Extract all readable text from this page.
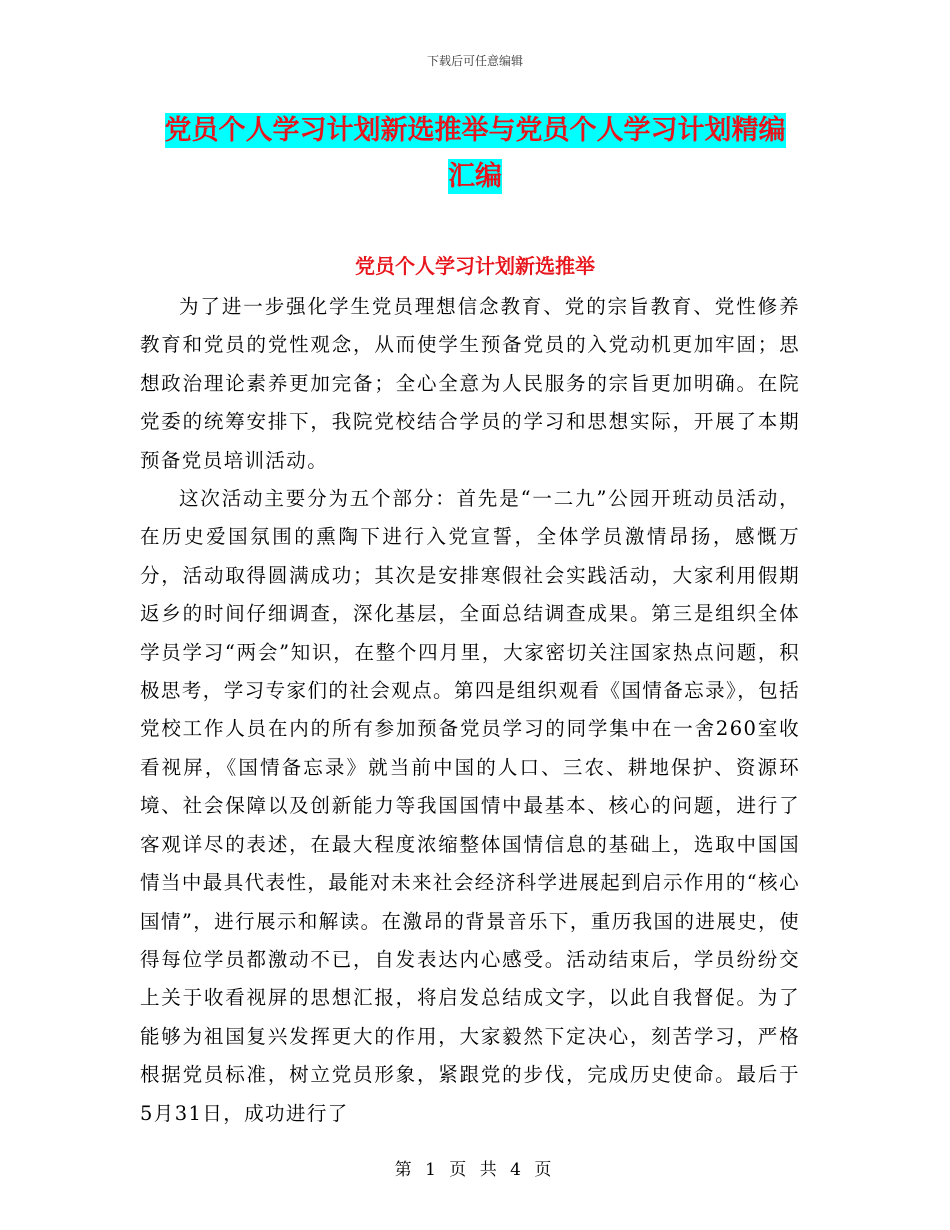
下载后可任意编辑
党员个人学习计划新选推举与党员个人学习计划精编
汇编
党员个人学习计划新选推举

为了进一步强化学生党员理想信念教育、党的宗旨教育、党性修养教育和党员的党性观念，从而使学生预备党员的入党动机更加牢固；思想政治理论素养更加完备；全心全意为人民服务的宗旨更加明确。在院党委的统筹安排下，我院党校结合学员的学习和思想实际，开展了本期预备党员培训活动。

这次活动主要分为五个部分：首先是“一二九”公园开班动员活动，在历史爱国氛围的熏陶下进行入党宣誓，全体学员激情昂扬，感慨万分，活动取得圆满成功；其次是安排寒假社会实践活动，大家利用假期返乡的时间仔细调查，深化基层，全面总结调查成果。第三是组织全体学员学习“两会”知识，在整个四月里，大家密切关注国家热点问题，积极思考，学习专家们的社会观点。第四是组织观看《国情备忘录》，包括党校工作人员在内的所有参加预备党员学习的同学集中在一舍260室收看视屏，《国情备忘录》就当前中国的人口、三农、耕地保护、资源环境、社会保障以及创新能力等我国国情中最基本、核心的问题，进行了客观详尽的表述，在最大程度浓缩整体国情信息的基础上，选取中国国情当中最具代表性，最能对未来社会经济科学进展起到启示作用的“核心国情”，进行展示和解读。在激昂的背景音乐下，重历我国的进展史，使得每位学员都激动不已，自发表达内心感受。活动结束后，学员纷纷交上关于收看视屏的思想汇报，将启发总结成文字，以此自我督促。为了能够为祖国复兴发挥更大的作用，大家毅然下定决心，刻苦学习，严格根据党员标准，树立党员形象，紧跟党的步伐，完成历史使命。最后于5月31日，成功进行了

第 1 页 共 4 页
